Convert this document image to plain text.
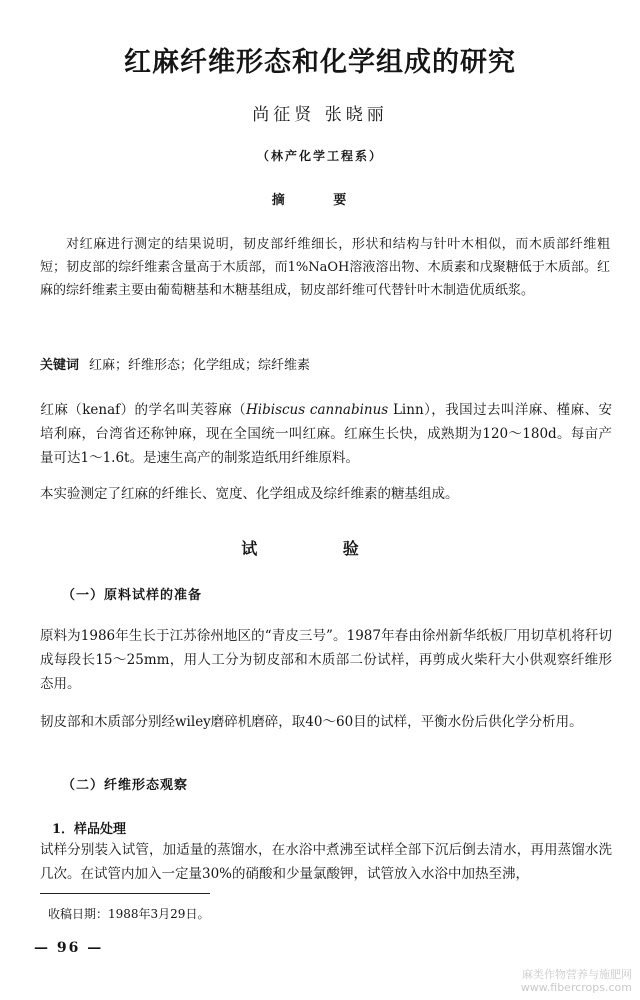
红麻纤维形态和化学组成的研究
尚征贤 张晓丽
（林产化学工程系）
摘 要
对红麻进行测定的结果说明，韧皮部纤维细长，形状和结构与针叶木相似，而木质部纤维粗短；韧皮部的综纤维素含量高于木质部，而1%NaOH溶液溶出物、木质素和戊聚糖低于木质部。红麻的综纤维素主要由葡萄糖基和木糖基组成，韧皮部纤维可代替针叶木制造优质纸浆。
关键词 红麻；纤维形态；化学组成；综纤维素
红麻（kenaf）的学名叫芙蓉麻（Hibiscus cannabinus Linn），我国过去叫洋麻、槿麻、安培利麻，台湾省还称钟麻，现在全国统一叫红麻。红麻生长快，成熟期为120～180d。每亩产量可达1～1.6t。是速生高产的制浆造纸用纤维原料。
本实验测定了红麻的纤维长、宽度、化学组成及综纤维素的糖基组成。
试 验
（一）原料试样的准备
原料为1986年生长于江苏徐州地区的“青皮三号”。1987年春由徐州新华纸板厂用切草机将秆切成每段长15～25mm，用人工分为韧皮部和木质部二份试样，再剪成火柴秆大小供观察纤维形态用。
韧皮部和木质部分别经wiley磨碎机磨碎，取40～60目的试样，平衡水份后供化学分析用。
（二）纤维形态观察
1．样品处理
试样分别装入试管，加适量的蒸馏水，在水浴中煮沸至试样全部下沉后倒去清水，再用蒸馏水洗几次。在试管内加入一定量30%的硝酸和少量氯酸钾，试管放入水浴中加热至沸，
收稿日期：1988年3月29日。
— 96 —
麻类作物营养与施肥网
www.fibercrops.com
